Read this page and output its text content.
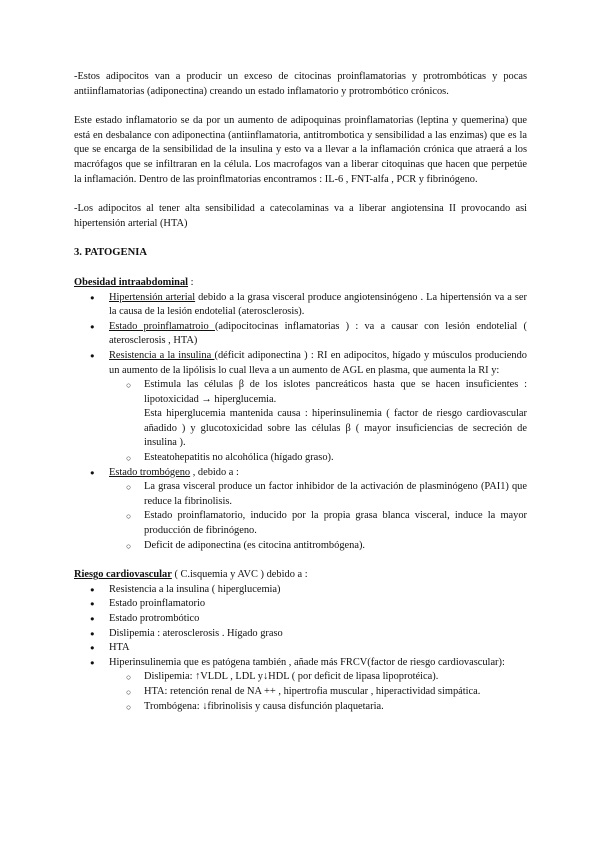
-Estos adipocitos van a producir un exceso de citocinas proinflamatorias y protrombóticas y pocas antiinflamatorias (adiponectina) creando un estado inflamatorio y protrombótico crónicos.

Este estado inflamatorio se da por un aumento de adipoquinas proinflamatorias (leptina y quemerina) que está en desbalance con adiponectina (antiinflamatoria, antitrombotica y sensibilidad a las enzimas) que es la que se encarga de la sensibilidad de la insulina y esto va a llevar a la inflamación crónica que atraerá a los macrófagos que se infiltraran en la célula. Los macrofagos van a liberar citoquinas que hacen que perpetúe la inflamación. Dentro de las proinflmatorias encontramos : IL-6 , FNT-alfa , PCR y fibrinógeno.

-Los adipocitos al tener alta sensibilidad a catecolaminas va a liberar angiotensina II provocando asi hipertensión arterial (HTA)

3. PATOGENIA

Obesidad intraabdominal :

● Hipertensión arterial debido a la grasa visceral produce angiotensinógeno . La hipertensión va a ser la causa de la lesión endotelial (aterosclerosis).
● Estado proinflamatroio (adipocitocinas inflamatorias ) : va a causar con lesión endotelial ( aterosclerosis , HTA)
● Resistencia a la insulina (déficit adiponectina ) : RI en adipocitos, hígado y músculos produciendo un aumento de la lipólisis lo cual lleva a un aumento de AGL en plasma, que aumenta la RI y:
○ Estimula las células β de los islotes pancreáticos hasta que se hacen insuficientes : lipotoxicidad → hiperglucemia.
Esta hiperglucemia mantenida causa : hiperinsulinemia ( factor de riesgo cardiovascular añadido ) y glucotoxicidad sobre las células β ( mayor insuficiencias de secreción de insulina ).
○ Esteatohepatitis no alcohólica (hígado graso).
● Estado trombógeno , debido a :
○ La grasa visceral produce un factor inhibidor de la activación de plasminógeno (PAI1) que reduce la fibrinolisis.
○ Estado proinflamatorio, inducido por la propia grasa blanca visceral, induce la mayor producción de fibrinógeno.
○ Deficit de adiponectina (es citocina antitrombógena).

Riesgo cardiovascular ( C.isquemia y AVC ) debido a :

● Resistencia a la insulina ( hiperglucemia)
● Estado proinflamatorio
● Estado protrombótico
● Dislipemia : aterosclerosis . Hígado graso
● HTA
● Hiperinsulinemia que es patógena también , añade más FRCV(factor de riesgo cardiovascular):
○ Dislipemia: ↑VLDL , LDL y↓HDL ( por deficit de lipasa lipoprotéica).
○ HTA: retención renal de NA ++ , hipertrofia muscular , hiperactividad simpática.
○ Trombógena: ↓fibrinolisis y causa disfunción plaquetaria.
